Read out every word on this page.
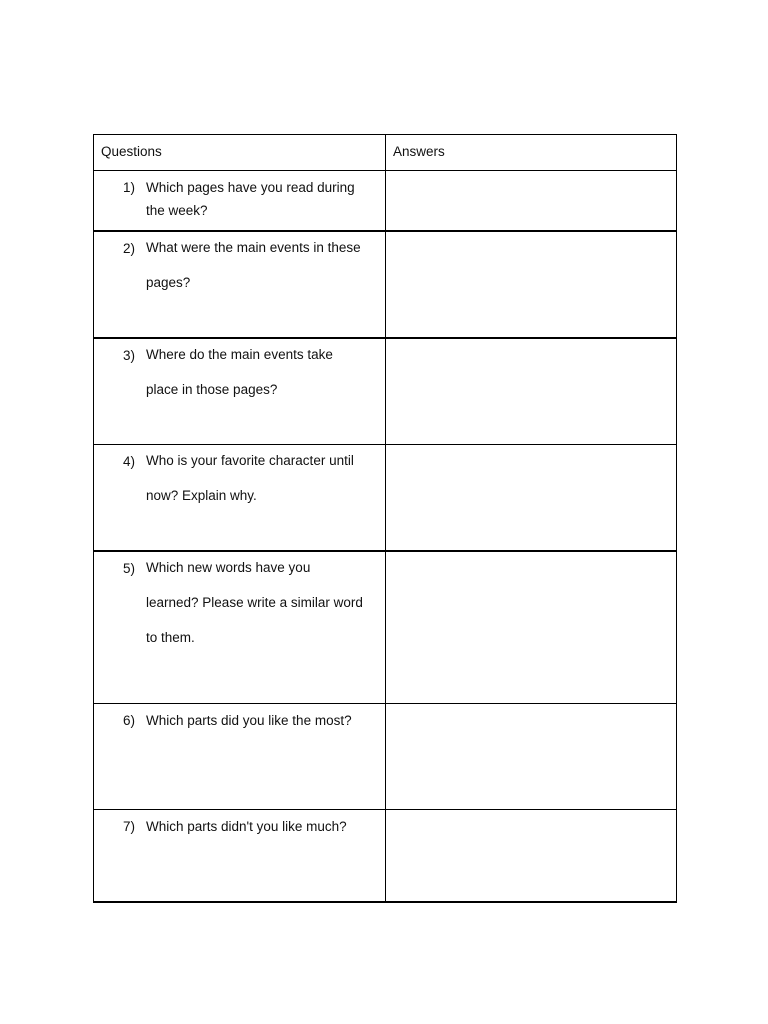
Questions	Answers

1) Which pages have you read during
the week?	

2) What were the main events in these
pages?	

3) Where do the main events take
place in those pages?	

4) Who is your favorite character until
now? Explain why.	

5) Which new words have you
learned? Please write a similar word
to them.	

6) Which parts did you like the most?	

7) Which parts didn't you like much?	
